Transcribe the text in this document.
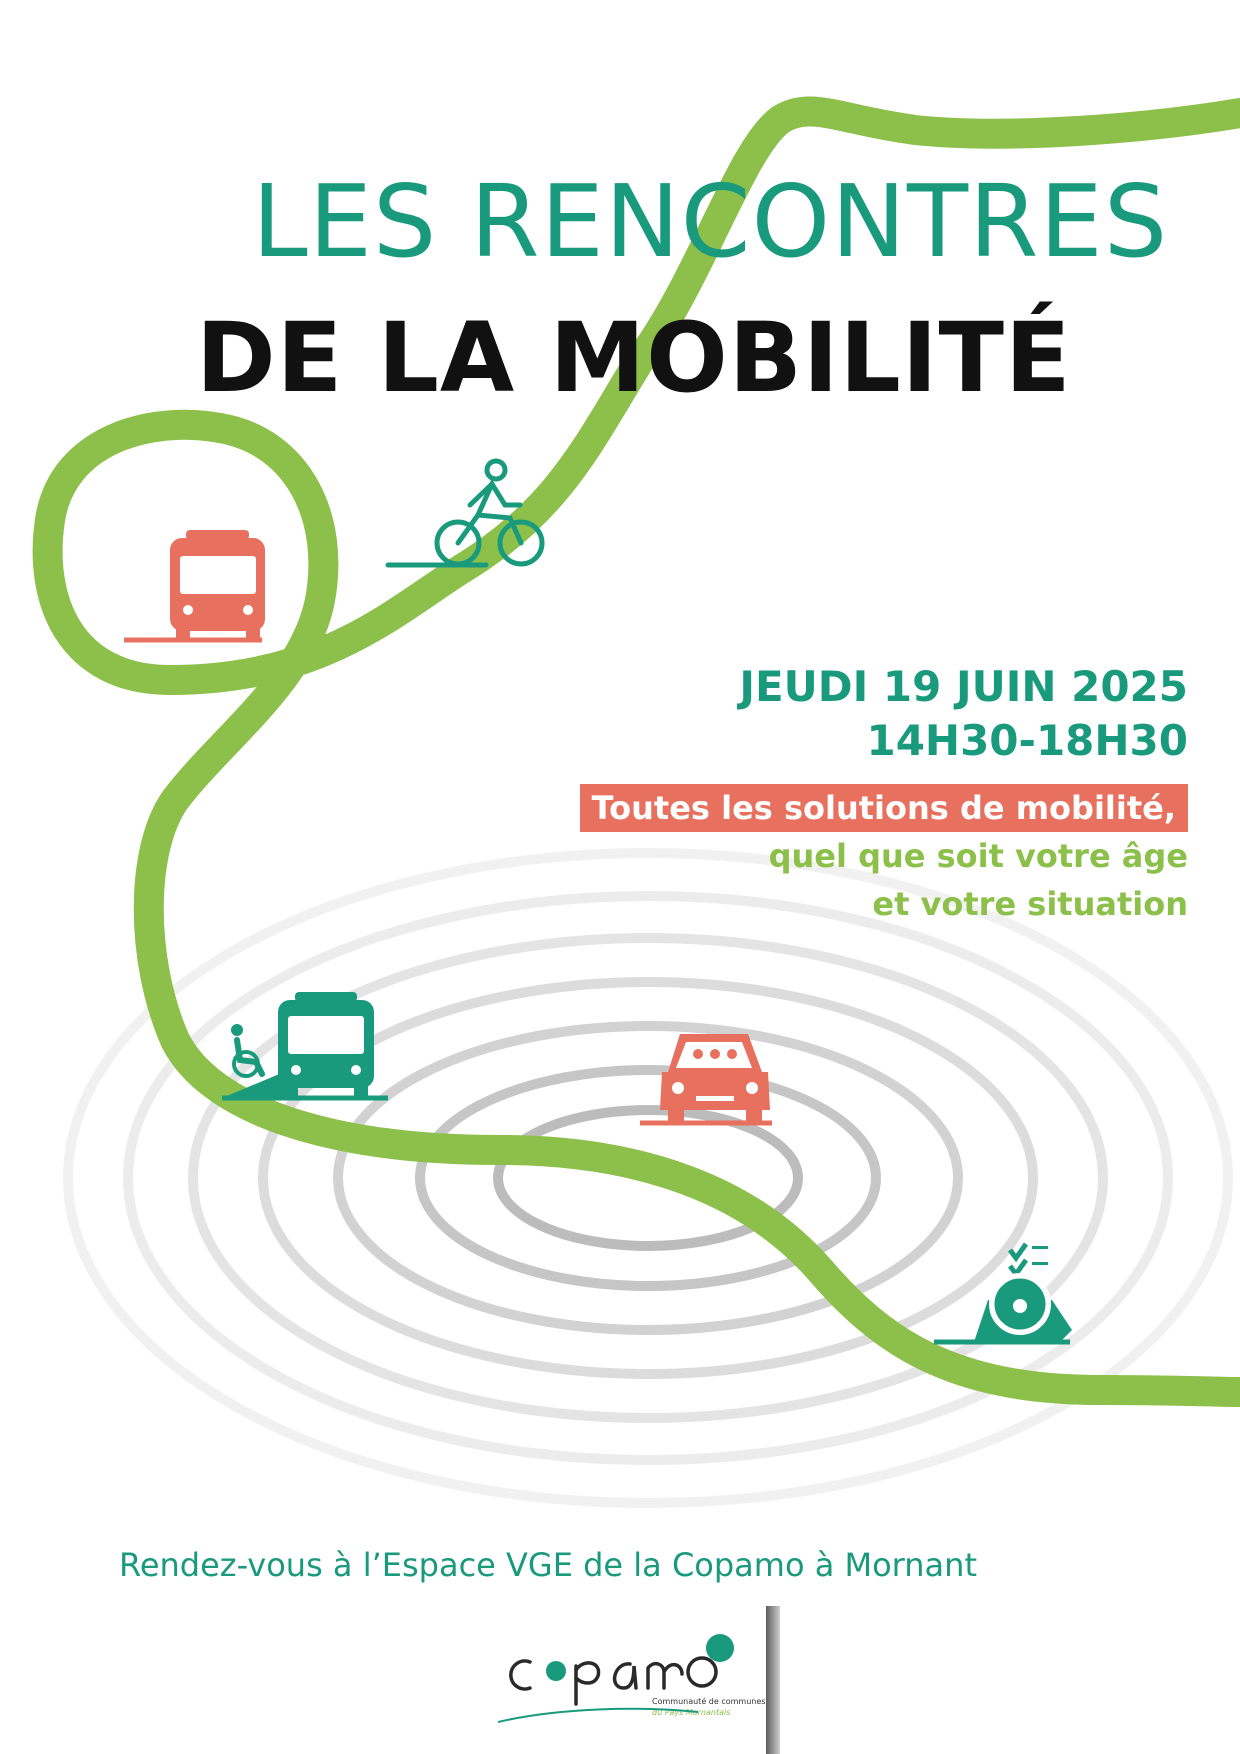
LES RENCONTRES
DE LA MOBILITÉ
JEUDI 19 JUIN 2025
14H30-18H30
Toutes les solutions de mobilité,
quel que soit votre âge
et votre situation
Rendez-vous à l’Espace VGE de la Copamo à Mornant
Communauté de communes
du Pays Mornantais
